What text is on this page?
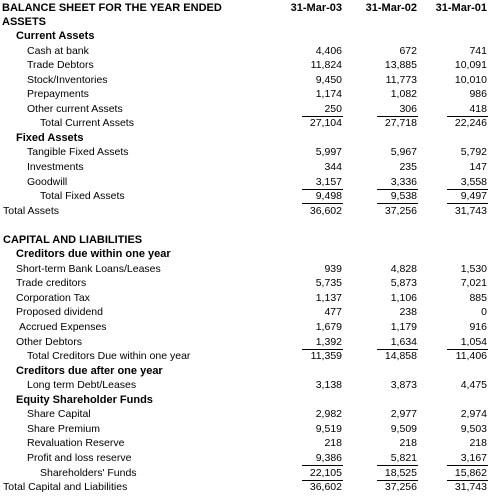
BALANCE SHEET FOR THE YEAR ENDED
ASSETS
31-Mar-03	31-Mar-02	31-Mar-01
Current Assets
Cash at bank	4,406	672	741
Trade Debtors	11,824	13,885	10,091
Stock/Inventories	9,450	11,773	10,010
Prepayments	1,174	1,082	986
Other current Assets	250	306	418
Total Current Assets	27,104	27,718	22,246
Fixed Assets
Tangible Fixed Assets	5,997	5,967	5,792
Investments	344	235	147
Goodwill	3,157	3,336	3,558
Total Fixed Assets	9,498	9,538	9,497
Total Assets	36,602	37,256	31,743
CAPITAL AND LIABILITIES
Creditors due within one year
Short-term Bank Loans/Leases	939	4,828	1,530
Trade creditors	5,735	5,873	7,021
Corporation Tax	1,137	1,106	885
Proposed dividend	477	238	0
Accrued Expenses	1,679	1,179	916
Other Debtors	1,392	1,634	1,054
Total Creditors Due within one year	11,359	14,858	11,406
Creditors due after one year
Long term Debt/Leases	3,138	3,873	4,475
Equity Shareholder Funds
Share Capital	2,982	2,977	2,974
Share Premium	9,519	9,509	9,503
Revaluation Reserve	218	218	218
Profit and loss reserve	9,386	5,821	3,167
Shareholders' Funds	22,105	18,525	15,862
Total Capital and Liabilities	36,602	37,256	31,743
